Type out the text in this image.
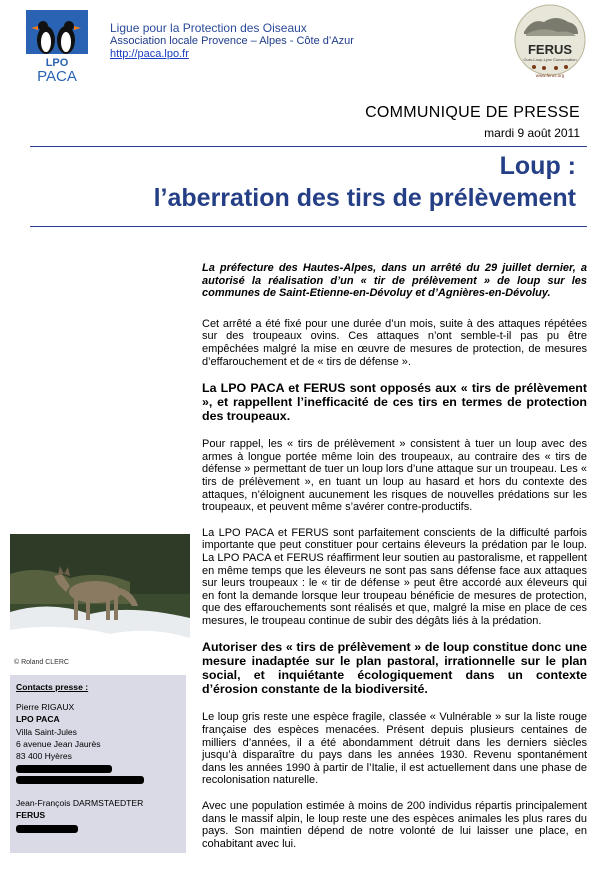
LPO
PACA
Ligue pour la Protection des Oiseaux
Association locale Provence – Alpes - Côte d’Azur
http://paca.lpo.fr	FERUS
Ours-Loup-Lynx Conservation
www.ferus.org
COMMUNIQUE DE PRESSE
mardi 9 août 2011
Loup :
l’aberration des tirs de prélèvement

La préfecture des Hautes-Alpes, dans un arrêté du 29 juillet dernier, a autorisé la réalisation d’un « tir de prélèvement » de loup sur les communes de Saint-Etienne-en-Dévoluy et d’Agnières-en-Dévoluy.

Cet arrêté a été fixé pour une durée d’un mois, suite à des attaques répétées sur des troupeaux ovins. Ces attaques n’ont semble-t-il pas pu être empêchées malgré la mise en œuvre de mesures de protection, de mesures d’effarouchement et de « tirs de défense ».

La LPO PACA et FERUS sont opposés aux « tirs de prélèvement », et rappellent l’inefficacité de ces tirs en termes de protection des troupeaux.

Pour rappel, les « tirs de prélèvement » consistent à tuer un loup avec des armes à longue portée même loin des troupeaux, au contraire des « tirs de défense » permettant de tuer un loup lors d’une attaque sur un troupeau. Les « tirs de prélèvement », en tuant un loup au hasard et hors du contexte des attaques, n’éloignent aucunement les risques de nouvelles prédations sur les troupeaux, et peuvent même s’avérer contre-productifs.

La LPO PACA et FERUS sont parfaitement conscients de la difficulté parfois importante que peut constituer pour certains éleveurs la prédation par le loup. La LPO PACA et FERUS réaffirment leur soutien au pastoralisme, et rappellent en même temps que les éleveurs ne sont pas sans défense face aux attaques sur leurs troupeaux : le « tir de défense » peut être accordé aux éleveurs qui en font la demande lorsque leur troupeau bénéficie de mesures de protection, que des effarouchements sont réalisés et que, malgré la mise en place de ces mesures, le troupeau continue de subir des dégâts liés à la prédation.

Autoriser des « tirs de prélèvement » de loup constitue donc une mesure inadaptée sur le plan pastoral, irrationnelle sur le plan social, et inquiétante écologiquement dans un contexte d’érosion constante de la biodiversité.

Le loup gris reste une espèce fragile, classée « Vulnérable » sur la liste rouge française des espèces menacées. Présent depuis plusieurs centaines de milliers d’années, il a été abondamment détruit dans les derniers siècles jusqu’à disparaître du pays dans les années 1930. Revenu spontanément dans les années 1990 à partir de l’Italie, il est actuellement dans une phase de recolonisation naturelle.

Avec une population estimée à moins de 200 individus répartis principalement dans le massif alpin, le loup reste une des espèces animales les plus rares du pays. Son maintien dépend de notre volonté de lui laisser une place, en cohabitant avec lui.

© Roland CLERC
Contacts presse :
Pierre RIGAUX
LPO PACA
Villa Saint-Jules
6 avenue Jean Jaurès
83 400 Hyères
Jean-François DARMSTAEDTER
FERUS
